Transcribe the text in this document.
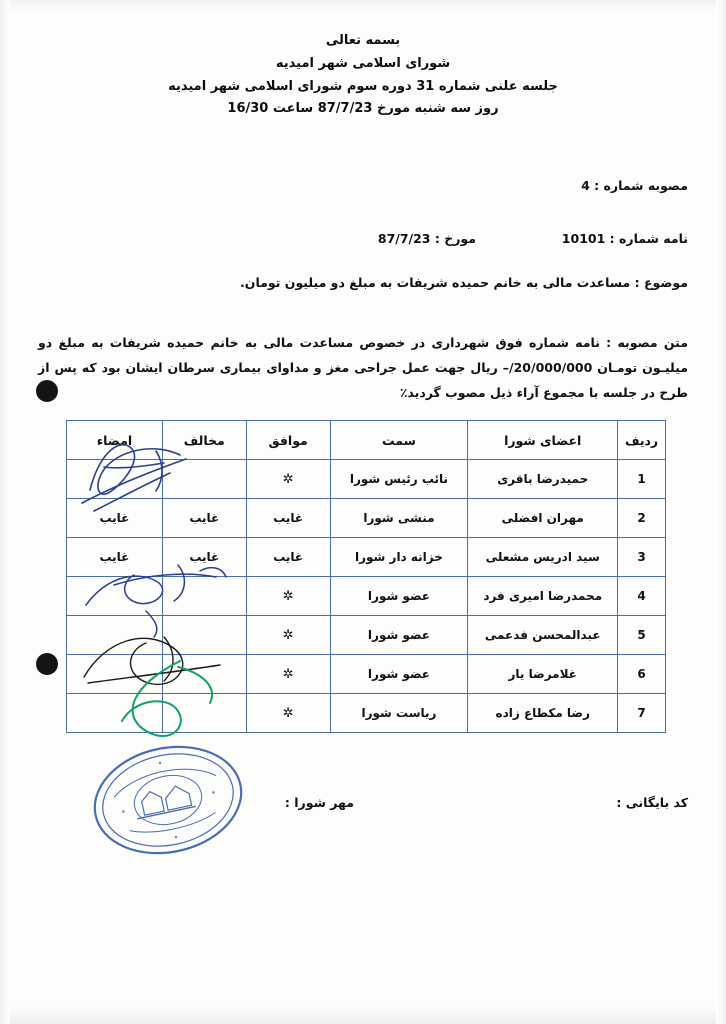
بسمه تعالی
شورای اسلامی شهر امیدیه
جلسه علنی شماره 31 دوره سوم شورای اسلامی شهر امیدیه
روز سه شنبه مورخ 87/7/23 ساعت 16/30
مصوبه شماره : 4
نامه شماره : 10101
مورخ : 87/7/23
موضوع : مساعدت مالی به خانم حمیده شریفات به مبلغ دو میلیون تومان.
متن مصوبه : نامه شماره فوق شهرداری در خصوص مساعدت مالی به خانم حمیده شریفات به مبلغ دو میلیـون تومـان 20/000/000/– ریال جهت عمل جراحی مغز و مداوای بیماری سرطان ایشان بود که پس از طرح در جلسه با مجموع آراء ذیل مصوب گردید٪
ردیف	اعضای شورا	سمت	موافق	مخالف	امضاء
1	حمیدرضا باقری	نائب رئیس شورا	✲		
2	مهران افضلی	منشی شورا	غایب	غایب	غایب
3	سید ادریس مشعلی	خزانه دار شورا	غایب	غایب	غایب
4	محمدرضا امیری فرد	عضو شورا	✲		
5	عبدالمحسن فدعمی	عضو شورا	✲		
6	غلامرضا یار	عضو شورا	✲		
7	رضا مکطاع زاده	ریاست شورا	✲		
کد بایگانی :
مهر شورا :
